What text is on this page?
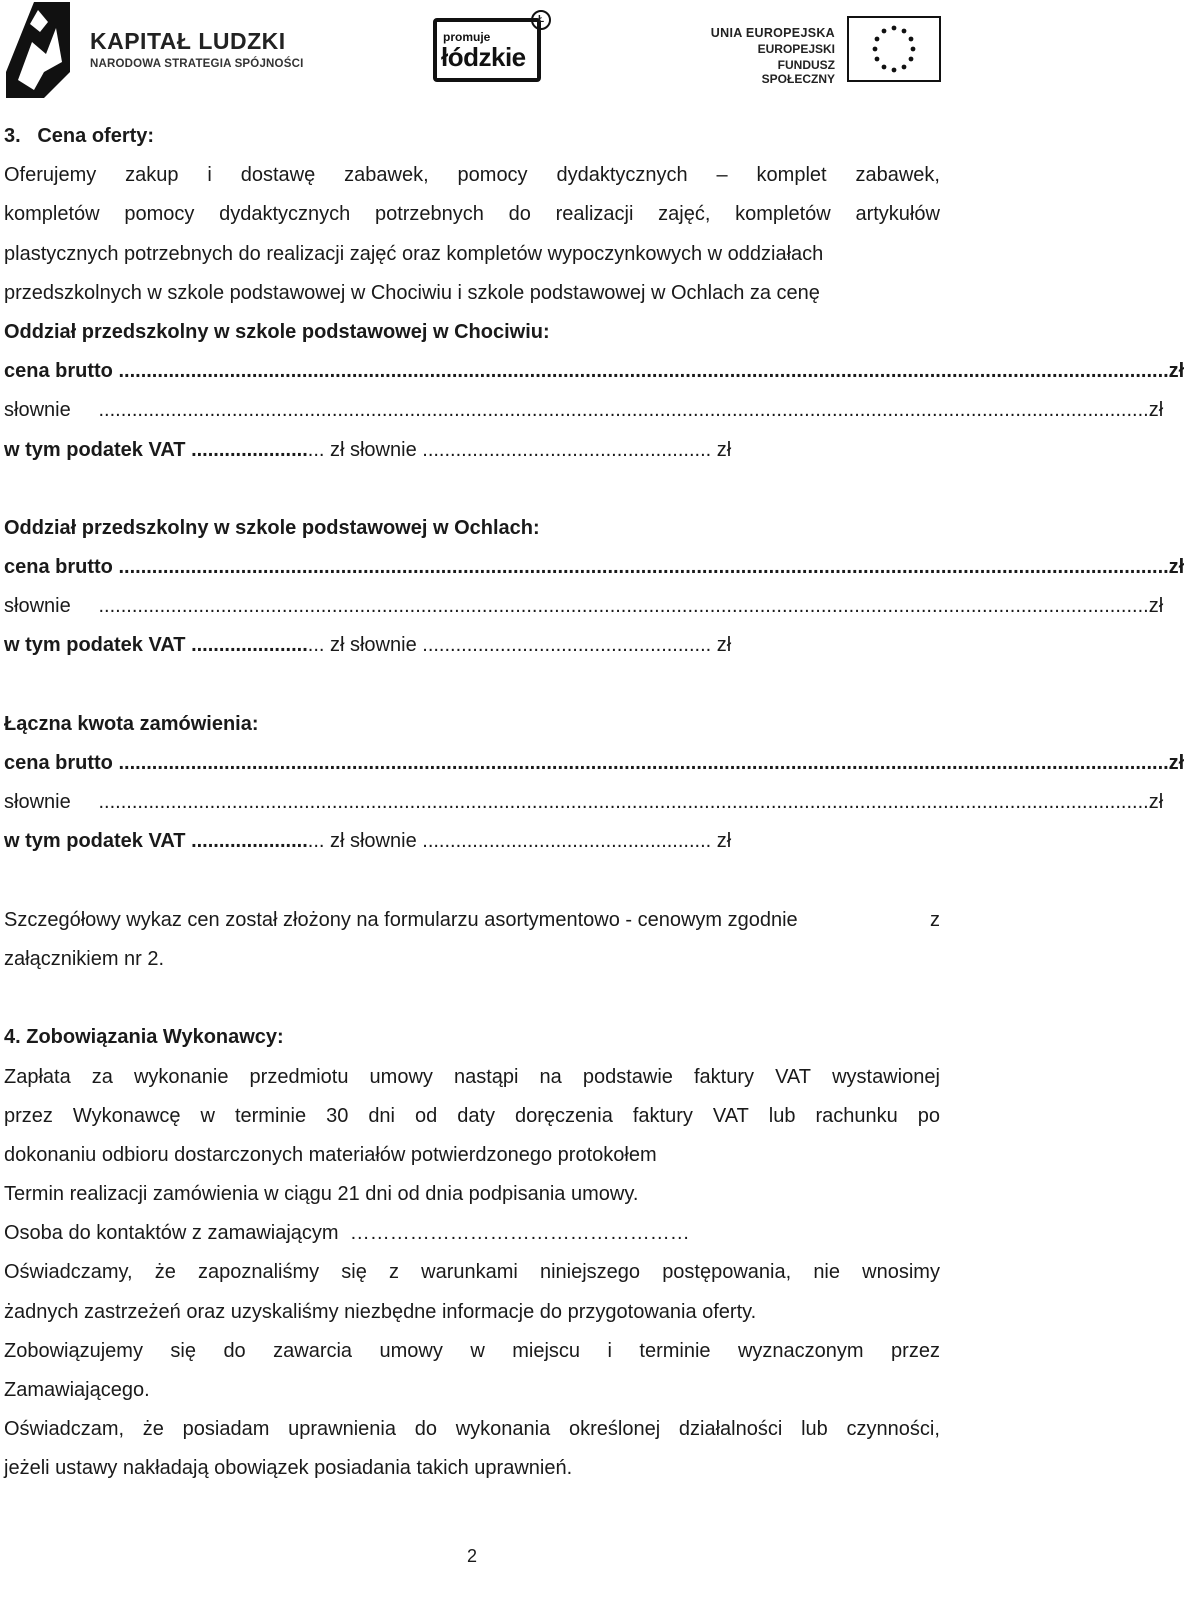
KAPITAŁ LUDZKI
NARODOWA STRATEGIA SPÓJNOŚCI
promuje
łódzkie
Ł
UNIA EUROPEJSKA
EUROPEJSKI
FUNDUSZ SPOŁECZNY
3. Cena oferty:
Oferujemy zakup i dostawę zabawek, pomocy dydaktycznych – komplet zabawek,
kompletów pomocy dydaktycznych potrzebnych do realizacji zajęć, kompletów artykułów
plastycznych potrzebnych do realizacji zajęć oraz kompletów wypoczynkowych w oddziałach
przedszkolnych w szkole podstawowej w Chociwiu i szkole podstawowej w Ochlach za cenę
Oddział przedszkolny w szkole podstawowej w Chociwiu:
cena brutto ........................................................................................................................................................................................... ..zł
słownie ........................................................................................................................................................................................... ..zł
w tym podatek VAT ........................ zł słownie .................................................... zł
Oddział przedszkolny w szkole podstawowej w Ochlach:
cena brutto ........................................................................................................................................................................................... ..zł
słownie ........................................................................................................................................................................................... ..zł
w tym podatek VAT ........................ zł słownie .................................................... zł
Łączna kwota zamówienia:
cena brutto ........................................................................................................................................................................................... ..zł
słownie ........................................................................................................................................................................................... ..zł
w tym podatek VAT ........................ zł słownie .................................................... zł
Szczegółowy wykaz cen został złożony na formularzu asortymentowo - cenowym zgodnie	z
załącznikiem nr 2.
4. Zobowiązania Wykonawcy:
Zapłata za wykonanie przedmiotu umowy nastąpi na podstawie faktury VAT wystawionej
przez Wykonawcę w terminie 30 dni od daty doręczenia faktury VAT lub rachunku po
dokonaniu odbioru dostarczonych materiałów potwierdzonego protokołem
Termin realizacji zamówienia w ciągu 21 dni od dnia podpisania umowy.
Osoba do kontaktów z zamawiającym ……………………………………………
Oświadczamy, że zapoznaliśmy się z warunkami niniejszego postępowania, nie wnosimy
żadnych zastrzeżeń oraz uzyskaliśmy niezbędne informacje do przygotowania oferty.
Zobowiązujemy się do zawarcia umowy w miejscu i terminie wyznaczonym przez
Zamawiającego.
Oświadczam, że posiadam uprawnienia do wykonania określonej działalności lub czynności,
jeżeli ustawy nakładają obowiązek posiadania takich uprawnień.
2
